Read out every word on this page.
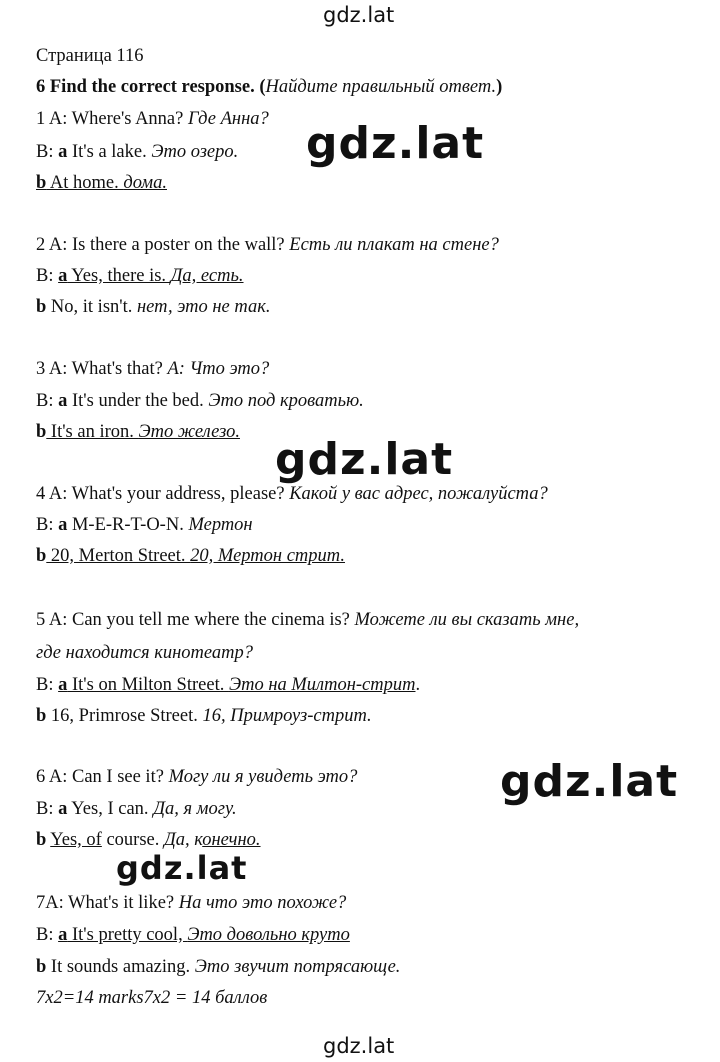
gdz.lat
gdz.lat
gdz.lat
gdz.lat
gdz.lat
gdz.lat
Страница 116
6 Find the correct response. (Найдите правильный ответ.)
1 A: Where's Anna? Где Анна?
B: a It's a lake. Это озеро.
b At home. дома.
2 A: Is there a poster on the wall? Есть ли плакат на стене?
B: a Yes, there is. Да, есть.
b No, it isn't. нет, это не так.
3 A: What's that? А: Что это?
B: a It's under the bed. Это под кроватью.
b It's an iron. Это железо.
4 A: What's your address, please? Какой у вас адрес, пожалуйста?
B: a M-E-R-T-O-N. Мертон
b 20, Merton Street. 20, Мертон стрит.
5 A: Can you tell me where the cinema is? Можете ли вы сказать мне,
где находится кинотеатр?
B: a It's on Milton Street. Это на Милтон-стрит.
b 16, Primrose Street. 16, Примроуз-стрит.
6 A: Can I see it? Могу ли я увидеть это?
B: a Yes, I can. Да, я могу.
b Yes, of course. Да, конечно.
7A: What's it like? На что это похоже?
B: a It's pretty cool, Это довольно круто
b It sounds amazing. Это звучит потрясающе.
7x2=14 marks7x2 = 14 баллов
